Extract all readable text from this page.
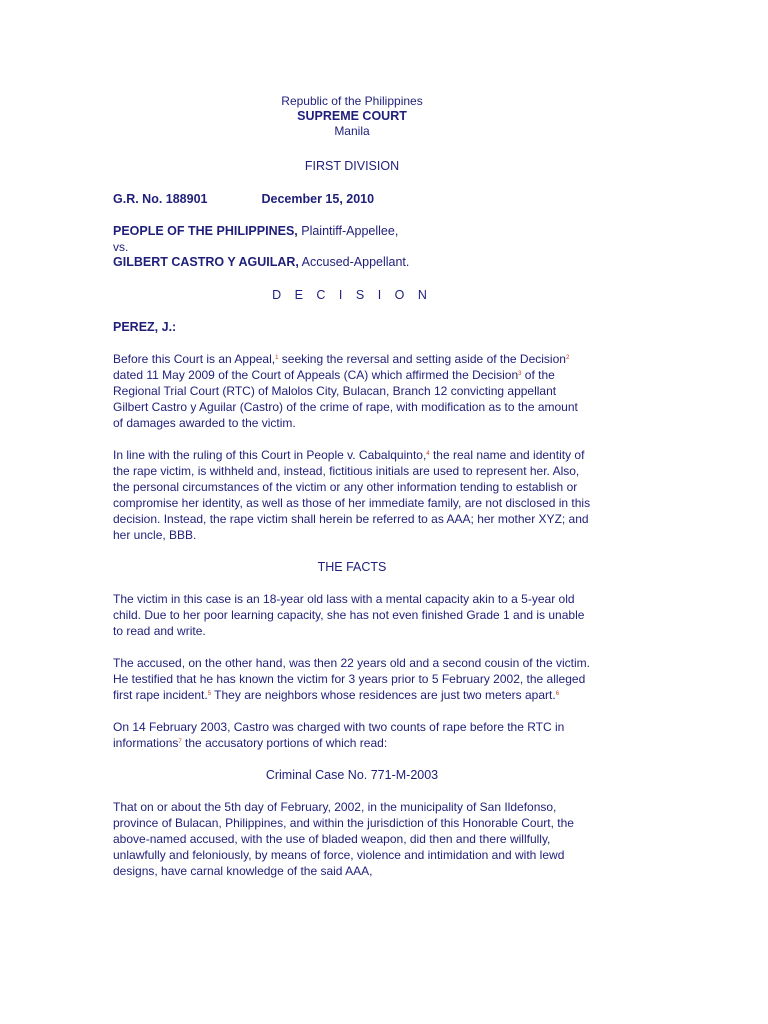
Republic of the Philippines
SUPREME COURT
Manila
FIRST DIVISION
G.R. No. 188901	December 15, 2010
PEOPLE OF THE PHILIPPINES, Plaintiff-Appellee,
vs.
GILBERT CASTRO Y AGUILAR, Accused-Appellant.
D E C I S I O N
PEREZ, J.:
Before this Court is an Appeal,$^1$ seeking the reversal and setting aside of the Decision$^2$ dated 11 May 2009 of the Court of Appeals (CA) which affirmed the Decision$^3$ of the Regional Trial Court (RTC) of Malolos City, Bulacan, Branch 12 convicting appellant Gilbert Castro y Aguilar (Castro) of the crime of rape, with modification as to the amount of damages awarded to the victim.
In line with the ruling of this Court in People v. Cabalquinto,$^4$ the real name and identity of the rape victim, is withheld and, instead, fictitious initials are used to represent her. Also, the personal circumstances of the victim or any other information tending to establish or compromise her identity, as well as those of her immediate family, are not disclosed in this decision. Instead, the rape victim shall herein be referred to as AAA; her mother XYZ; and her uncle, BBB.
THE FACTS
The victim in this case is an 18-year old lass with a mental capacity akin to a 5-year old child. Due to her poor learning capacity, she has not even finished Grade 1 and is unable to read and write.
The accused, on the other hand, was then 22 years old and a second cousin of the victim. He testified that he has known the victim for 3 years prior to 5 February 2002, the alleged first rape incident.$^5$ They are neighbors whose residences are just two meters apart.$^6$
On 14 February 2003, Castro was charged with two counts of rape before the RTC in informations$^7$ the accusatory portions of which read:
Criminal Case No. 771-M-2003
That on or about the 5th day of February, 2002, in the municipality of San Ildefonso, province of Bulacan, Philippines, and within the jurisdiction of this Honorable Court, the above-named accused, with the use of bladed weapon, did then and there willfully, unlawfully and feloniously, by means of force, violence and intimidation and with lewd designs, have carnal knowledge of the said AAA,
